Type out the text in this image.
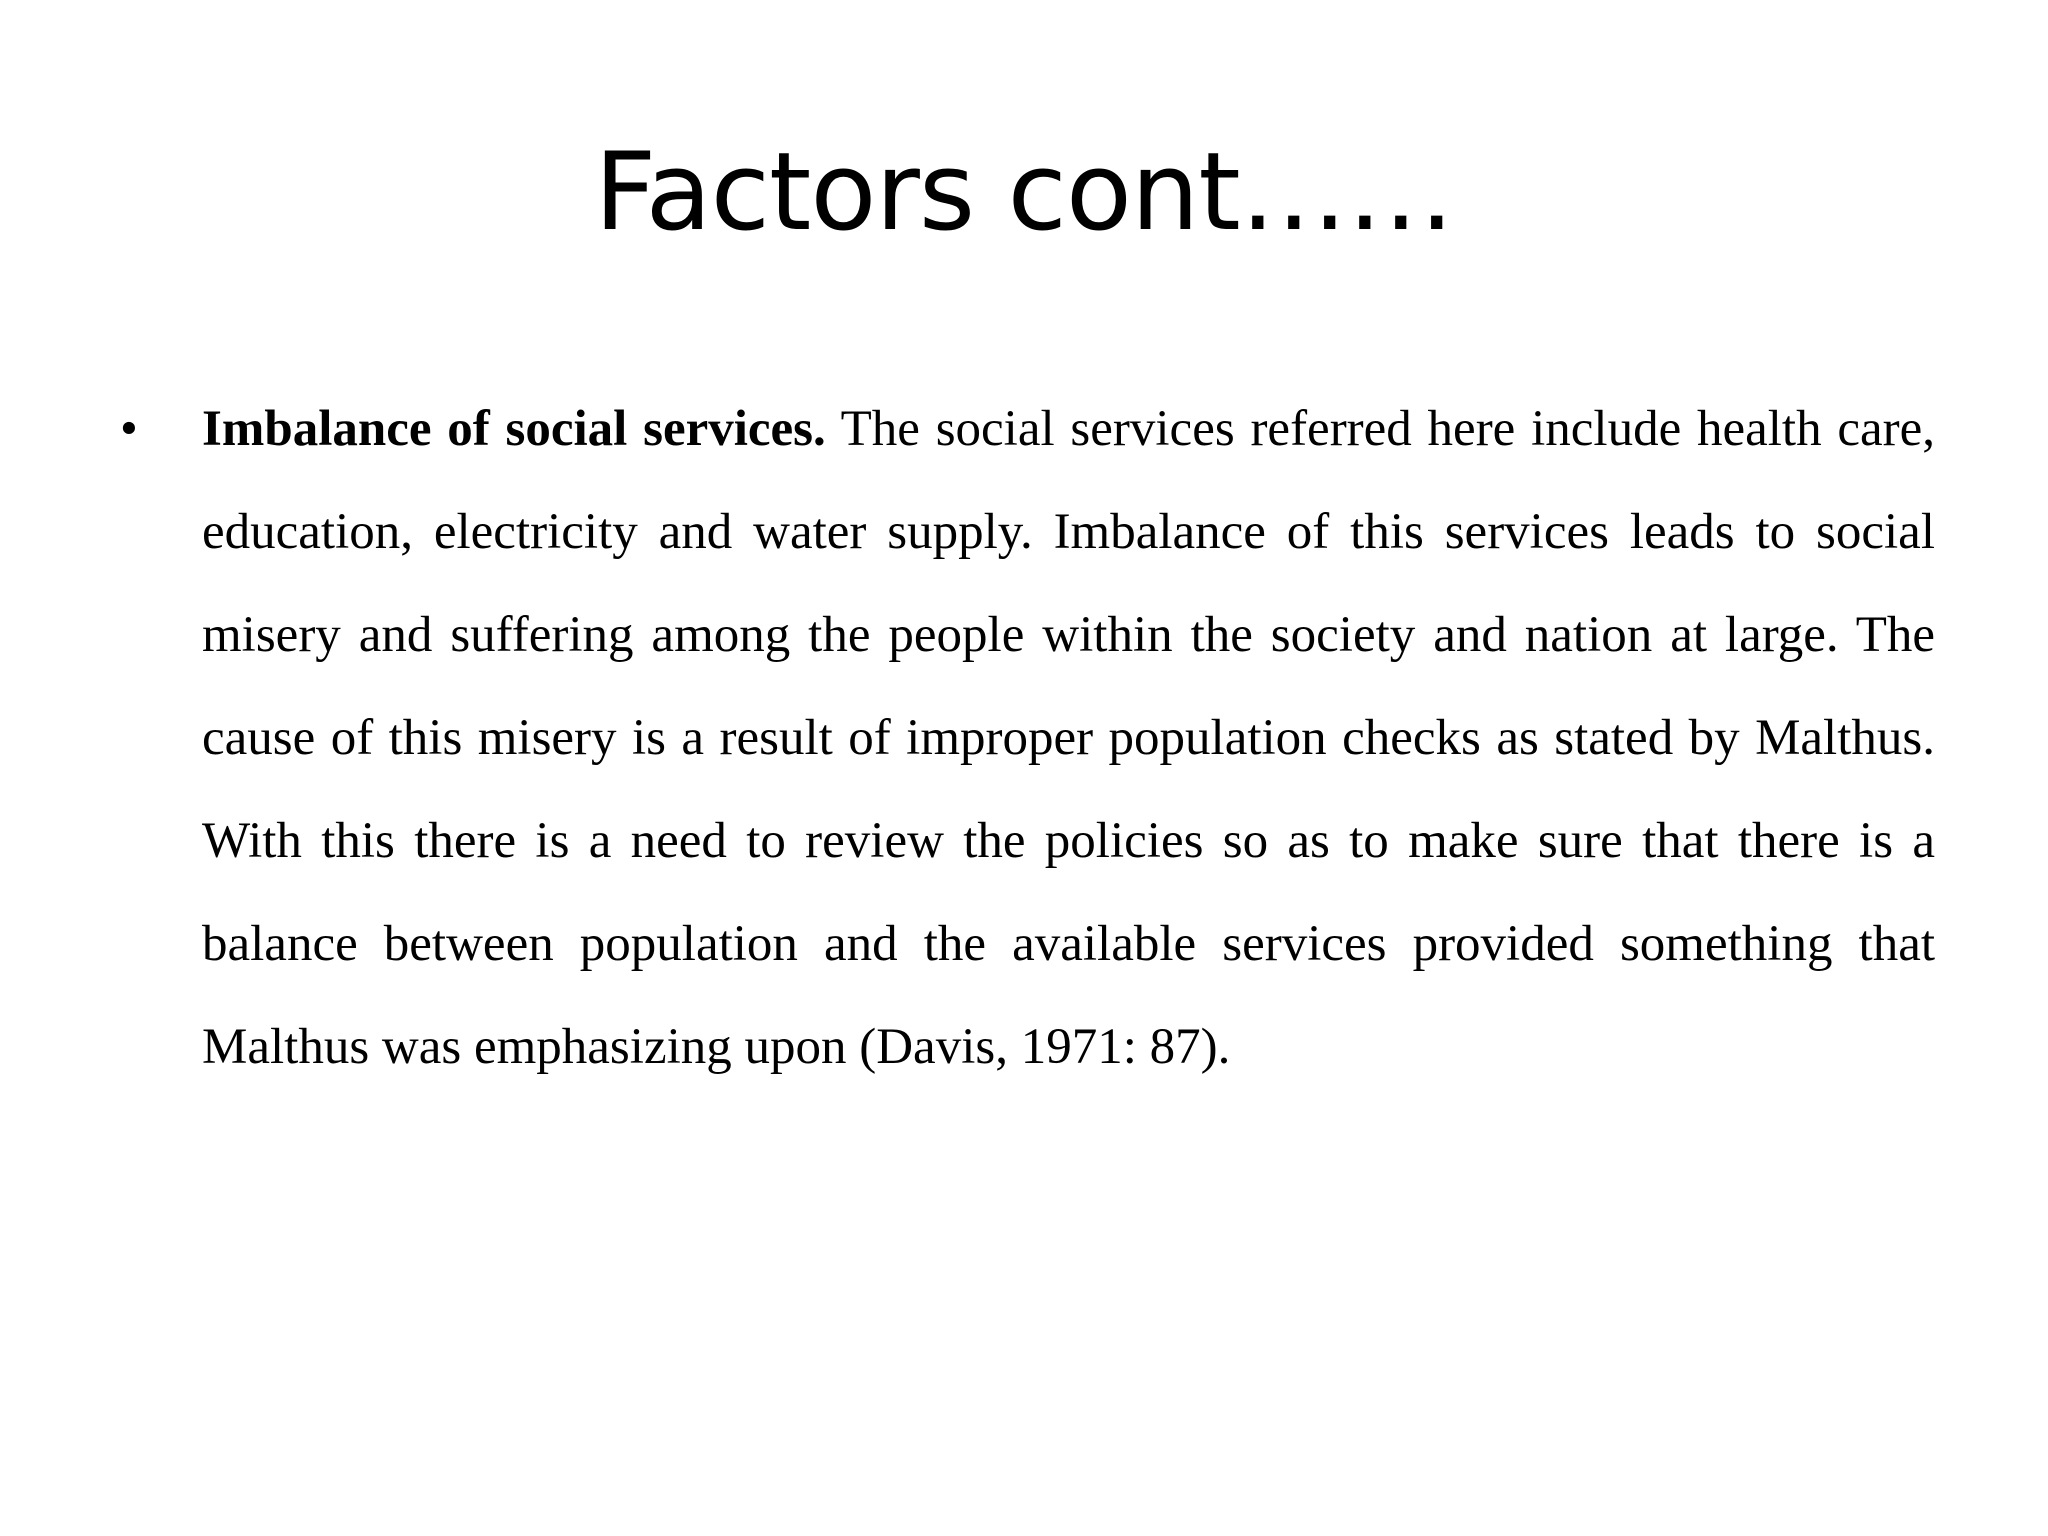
Factors cont……
• Imbalance of social services. The social services referred here include health care, education, electricity and water supply. Imbalance of this services leads to social misery and suffering among the people within the society and nation at large. The cause of this misery is a result of improper population checks as stated by Malthus. With this there is a need to review the policies so as to make sure that there is a balance between population and the available services provided something that Malthus was emphasizing upon (Davis, 1971: 87).
